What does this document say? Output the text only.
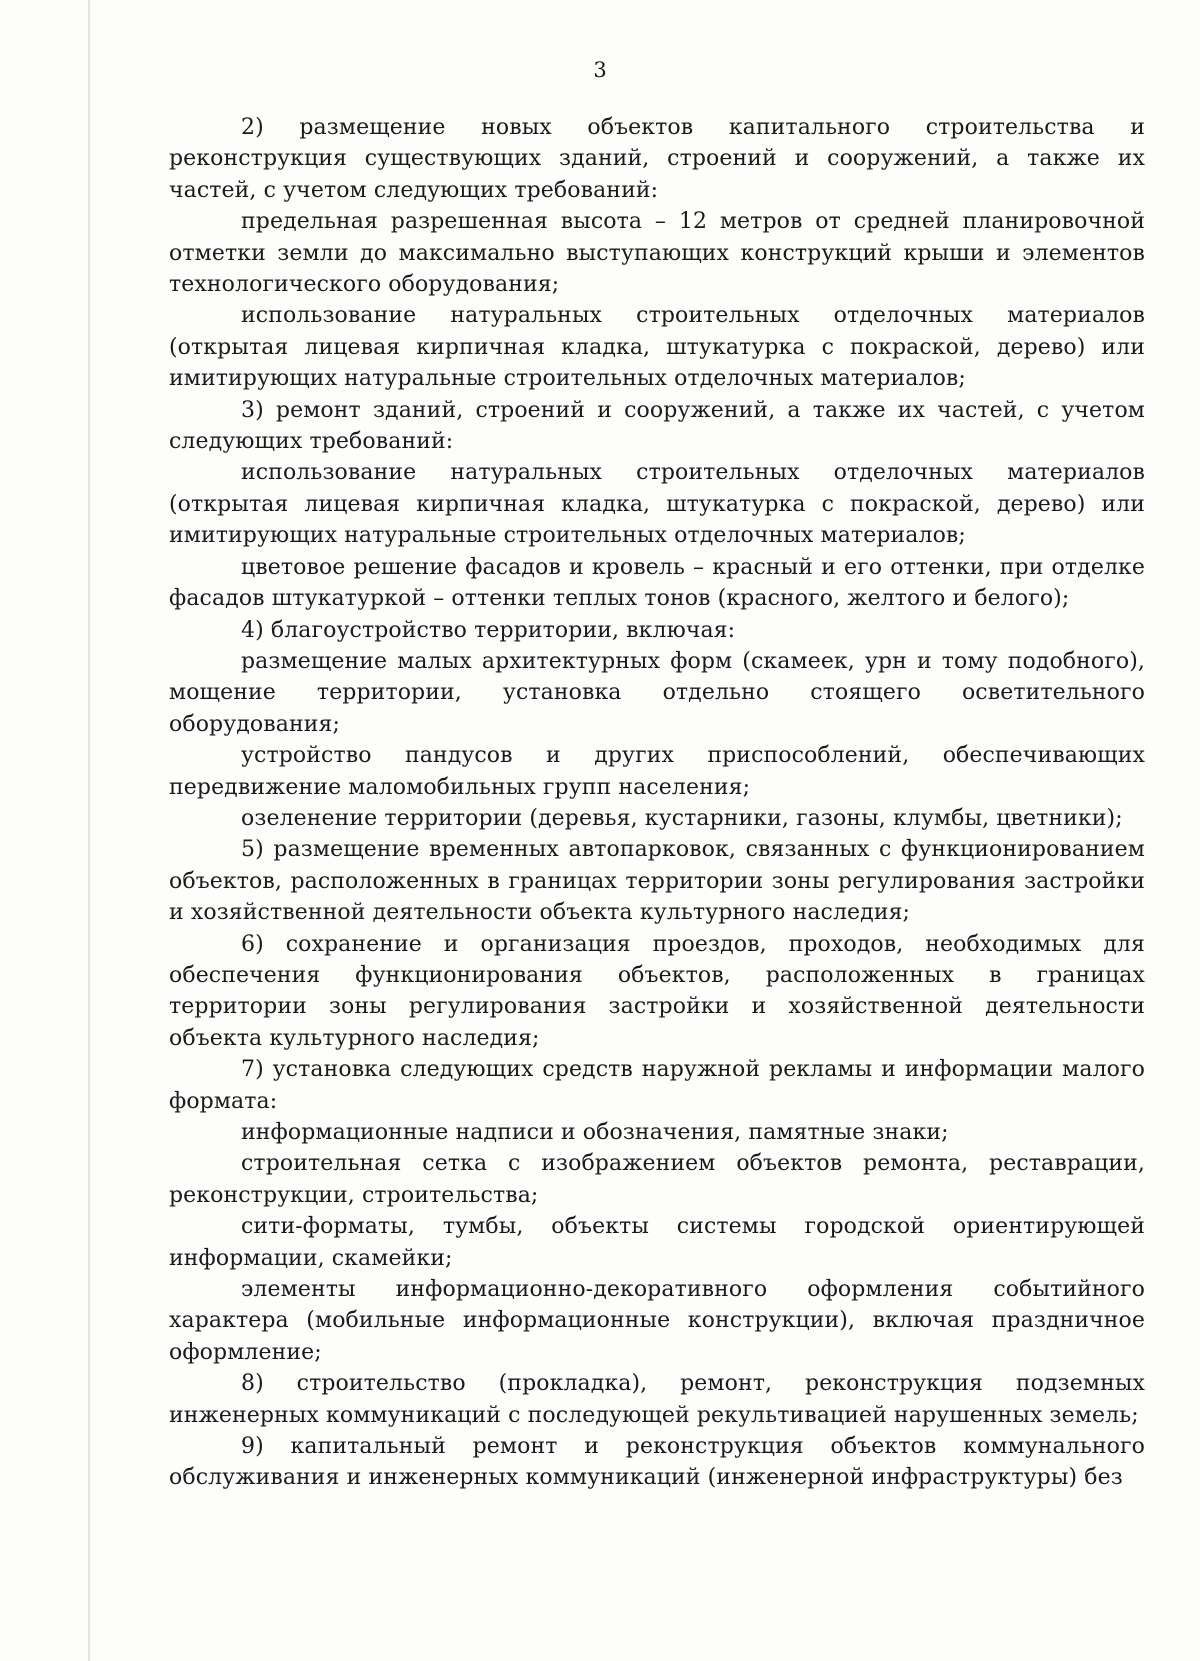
3

2) размещение новых объектов капитального строительства и реконструкция существующих зданий, строений и сооружений, а также их частей, с учетом следующих требований:

предельная разрешенная высота – 12 метров от средней планировочной отметки земли до максимально выступающих конструкций крыши и элементов технологического оборудования;

использование натуральных строительных отделочных материалов (открытая лицевая кирпичная кладка, штукатурка с покраской, дерево) или имитирующих натуральные строительных отделочных материалов;

3) ремонт зданий, строений и сооружений, а также их частей, с учетом следующих требований:

использование натуральных строительных отделочных материалов (открытая лицевая кирпичная кладка, штукатурка с покраской, дерево) или имитирующих натуральные строительных отделочных материалов;

цветовое решение фасадов и кровель – красный и его оттенки, при отделке фасадов штукатуркой – оттенки теплых тонов (красного, желтого и белого);

4) благоустройство территории, включая:

размещение малых архитектурных форм (скамеек, урн и тому подобного), мощение территории, установка отдельно стоящего осветительного оборудования;

устройство пандусов и других приспособлений, обеспечивающих передвижение маломобильных групп населения;

озеленение территории (деревья, кустарники, газоны, клумбы, цветники);

5) размещение временных автопарковок, связанных с функционированием объектов, расположенных в границах территории зоны регулирования застройки и хозяйственной деятельности объекта культурного наследия;

6) сохранение и организация проездов, проходов, необходимых для обеспечения функционирования объектов, расположенных в границах территории зоны регулирования застройки и хозяйственной деятельности объекта культурного наследия;

7) установка следующих средств наружной рекламы и информации малого формата:

информационные надписи и обозначения, памятные знаки;

строительная сетка с изображением объектов ремонта, реставрации, реконструкции, строительства;

сити-форматы, тумбы, объекты системы городской ориентирующей информации, скамейки;

элементы информационно-декоративного оформления событийного характера (мобильные информационные конструкции), включая праздничное оформление;

8) строительство (прокладка), ремонт, реконструкция подземных инженерных коммуникаций с последующей рекультивацией нарушенных земель;

9) капитальный ремонт и реконструкция объектов коммунального обслуживания и инженерных коммуникаций (инженерной инфраструктуры) без
